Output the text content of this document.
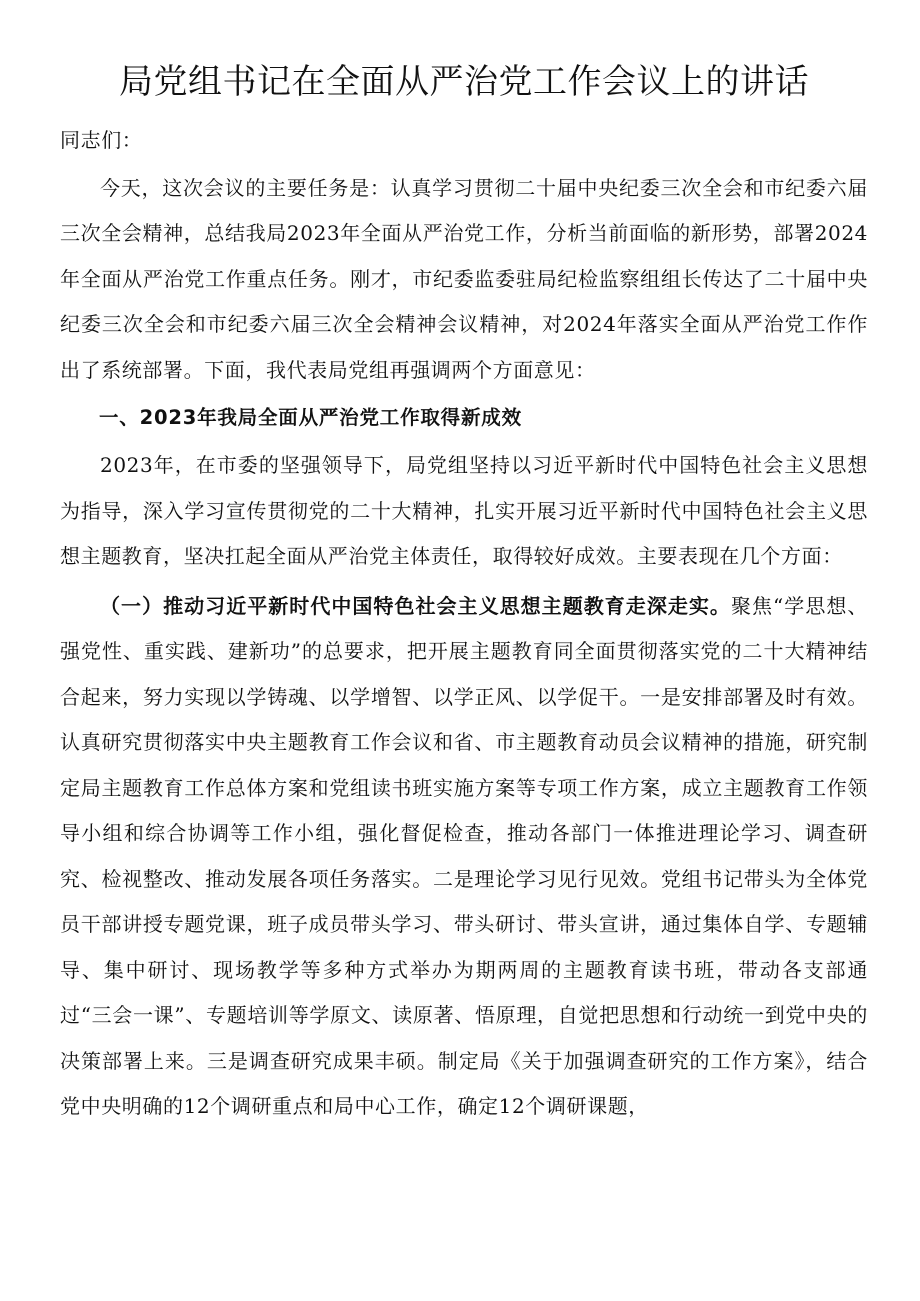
局党组书记在全面从严治党工作会议上的讲话

同志们：

今天，这次会议的主要任务是：认真学习贯彻二十届中央纪委三次全会和市纪委六届三次全会精神，总结我局2023年全面从严治党工作，分析当前面临的新形势，部署2024年全面从严治党工作重点任务。刚才，市纪委监委驻局纪检监察组组长传达了二十届中央纪委三次全会和市纪委六届三次全会精神会议精神，对2024年落实全面从严治党工作作出了系统部署。下面，我代表局党组再强调两个方面意见：

一、2023年我局全面从严治党工作取得新成效

2023年，在市委的坚强领导下，局党组坚持以习近平新时代中国特色社会主义思想为指导，深入学习宣传贯彻党的二十大精神，扎实开展习近平新时代中国特色社会主义思想主题教育，坚决扛起全面从严治党主体责任，取得较好成效。主要表现在几个方面：

（一）推动习近平新时代中国特色社会主义思想主题教育走深走实。聚焦“学思想、强党性、重实践、建新功”的总要求，把开展主题教育同全面贯彻落实党的二十大精神结合起来，努力实现以学铸魂、以学增智、以学正风、以学促干。一是安排部署及时有效。认真研究贯彻落实中央主题教育工作会议和省、市主题教育动员会议精神的措施，研究制定局主题教育工作总体方案和党组读书班实施方案等专项工作方案，成立主题教育工作领导小组和综合协调等工作小组，强化督促检查，推动各部门一体推进理论学习、调查研究、检视整改、推动发展各项任务落实。二是理论学习见行见效。党组书记带头为全体党员干部讲授专题党课，班子成员带头学习、带头研讨、带头宣讲，通过集体自学、专题辅导、集中研讨、现场教学等多种方式举办为期两周的主题教育读书班，带动各支部通过“三会一课”、专题培训等学原文、读原著、悟原理，自觉把思想和行动统一到党中央的决策部署上来。三是调查研究成果丰硕。制定局《关于加强调查研究的工作方案》，结合党中央明确的12个调研重点和局中心工作，确定12个调研课题，
